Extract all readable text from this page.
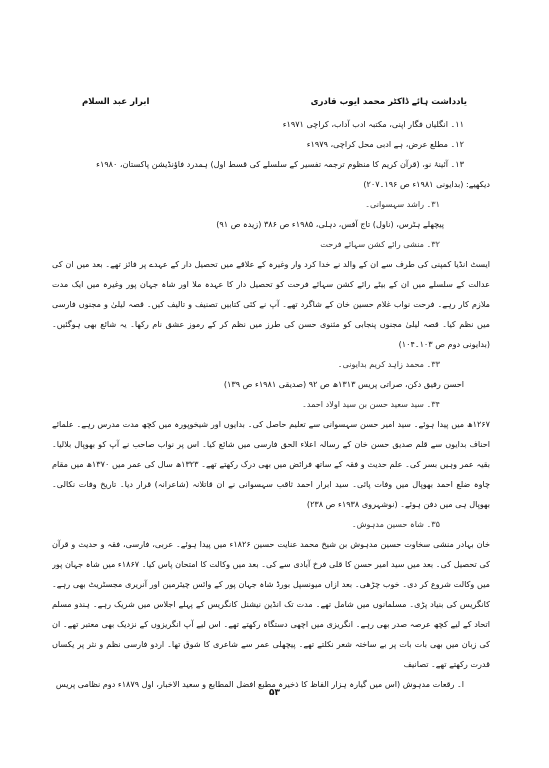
یادداشت ہائے ڈاکٹر محمد ایوب قادری
ابرار عبد السلام
۱۱۔ انگلیاں فگار اپنی، مکتبہ ادب آداب، کراچی ۱۹۷۱ء
۱۲۔ مطلع عرض، ہے ادبی محل کراچی، ۱۹۷۹ء
۱۳۔ آئینۂ نو، (قرآن کریم کا منظوم ترجمہ تفسیر کے سلسلے کی قسط اول) ہمدرد فاؤنڈیشن پاکستان، ۱۹۸۰ء
دیکھیے: (بدایونی ۱۹۸۱ء ص ۱۹۶۔۲۰۷)
۳۱۔ راشد سہسوانی۔
پیچھلے ہٹرس، (ناول) تاج آفس، دہلی، ۱۹۸۵ء ص ۳۸۶ (زیدہ ص ۹۱)
۳۲۔ منشی رائے کشن سہائے فرحت
ایسٹ انڈیا کمپنی کی طرف سے ان کے والد نے خدا کرد وار وغیرہ کے علاقے میں تحصیل دار کے عہدے پر فائز تھے۔ بعد میں ان کی عدالت کے سلسلے میں ان کے بیٹے رائے کشن سہائے فرحت کو تحصیل دار کا عہدہ ملا اور شاہ جہان پور وغیرہ میں ایک مدت ملازم کار رہے۔ فرحت نواب غلام حسین خان کے شاگرد تھے۔ آپ نے کئی کتابیں تصنیف و تالیف کیں۔ قصہ لیلیٰ و مجنوں فارسی میں نظم کیا۔ قصہ لیلیٰ مجنوں پنجابی کو مثنوی حسن کی طرز میں نظم کر کے رموز عشق نام رکھا۔ یہ شائع بھی ہوگئیں۔ (بدایونی دوم ص ۱۰۳۔۱۰۴)
۳۳۔ محمد زاہد کریم بدایونی۔
احسن رفیق دکن، صراتی پریس ۱۳۱۳ھ ص ۹۲ (صدیقی ۱۹۸۱ء ص ۱۳۹)
۳۴۔ سید سعید حسن بن سید اولاد احمد۔
۱۲۶۷ھ میں پیدا ہوئے۔ سید امیر حسن سہسوانی سے تعلیم حاصل کی۔ بدایوں اور شیخوپورہ میں کچھ مدت مدرس رہے۔ علمائے احناف بدایوں سے قلم صدیق حسن خان کے رسالہ اعلاء الحق فارسی میں شائع کیا۔ اس پر نواب صاحب نے آپ کو بھوپال بلالیا۔ بقیہ عمر وہیں بسر کی۔ علم حدیث و فقہ کے ساتھ فرائض میں بھی درک رکھتے تھے۔ ۱۳۲۳ھ سال کی عمر میں ۱۳۷۰ھ میں مقام چاوہ ضلع احمد بھوپال میں وفات پائی۔ سید ابرار احمد ثاقب سہسوانی نے ان قاتلانہ (شاعرانہ) قرار دیا۔ تاریخ وفات نکالی۔ بھوپال ہی میں دفن ہوئے۔ (نوشہروی ۱۹۳۸ء ص ۲۳۸)
۳۵۔ شاہ حسین مدہوش۔
خان بہادر منشی سخاوت حسین مدہوش بن شیخ محمد عنایت حسین ۱۸۲۶ء میں پیدا ہوئے۔ عربی، فارسی، فقہ و حدیث و قرآن کی تحصیل کی۔ بعد میں سید امیر حسن کا قلی فرخ آبادی سے کی۔ بعد میں وکالت کا امتحان پاس کیا۔ ۱۸۶۷ء میں شاہ جہان پور میں وکالت شروع کر دی۔ خوب چڑھی۔ بعد ازاں میونسپل بورڈ شاہ جہان پور کے وائس چیئرمین اور آنریری مجسٹریٹ بھی رہے۔ کانگریس کی بنیاد پڑی۔ مسلمانوں میں شامل تھے۔ مدت تک انڈین نیشنل کانگریس کے پہلے اجلاس میں شریک رہے۔ ہندو مسلم اتحاد کے لیے کچھ عرصہ صدر بھی رہے۔ انگریزی میں اچھی دستگاہ رکھتے تھے۔ اس لیے آپ انگریزوں کے نزدیک بھی معتبر تھے۔ ان کی زبان میں بھی بات بات پر بے ساختہ شعر نکلتے تھے۔ پیچھلی عمر سے شاعری کا شوق تھا۔ اردو فارسی نظم و نثر پر یکساں قدرت رکھتے تھے۔ تصانیف
ا۔ رقعات مدہوش (اس میں گیارہ ہزار الفاظ کا ذخیرہ مطبع افضل المطابع و سعید الاخبار، اول ۱۸۷۹ء دوم نظامی پریس
۵۳
